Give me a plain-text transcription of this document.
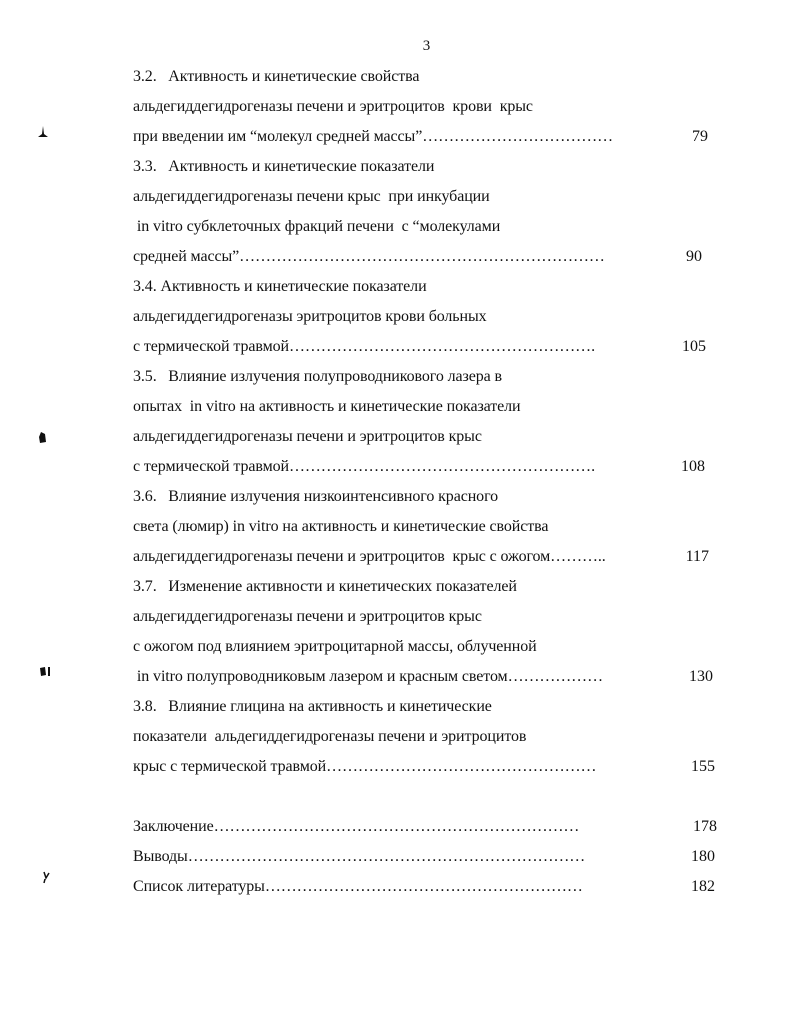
3
3.2.   Активность и кинетические свойства
альдегиддегидрогеназы печени и эритроцитов  крови  крыс
при введении им “молекул средней массы”………………………………	79
3.3.   Активность и кинетические показатели
альдегиддегидрогеназы печени крыс  при инкубации
in vitro субклеточных фракций печени  с “молекулами
средней массы”……………………………………………………………	90
3.4. Активность и кинетические показатели
альдегиддегидрогеназы эритроцитов крови больных
с термической травмой………………………………………………….	105
3.5.   Влияние излучения полупроводникового лазера в
опытах  in vitro на активность и кинетические показатели
альдегиддегидрогеназы печени и эритроцитов крыс
с термической травмой………………………………………………….	108
3.6.   Влияние излучения низкоинтенсивного красного
света (люмир) in vitro на активность и кинетические свойства
альдегиддегидрогеназы печени и эритроцитов  крыс с ожогом………..	117
3.7.   Изменение активности и кинетических показателей
альдегиддегидрогеназы печени и эритроцитов крыс
с ожогом под влиянием эритроцитарной массы, облученной
in vitro полупроводниковым лазером и красным светом………………	130
3.8.   Влияние глицина на активность и кинетические
показатели  альдегиддегидрогеназы печени и эритроцитов
крыс с термической травмой……………………………………………	155
Заключение……………………………………………………………	178
Выводы…………………………………………………………………	180
Список литературы……………………………………………………	182
